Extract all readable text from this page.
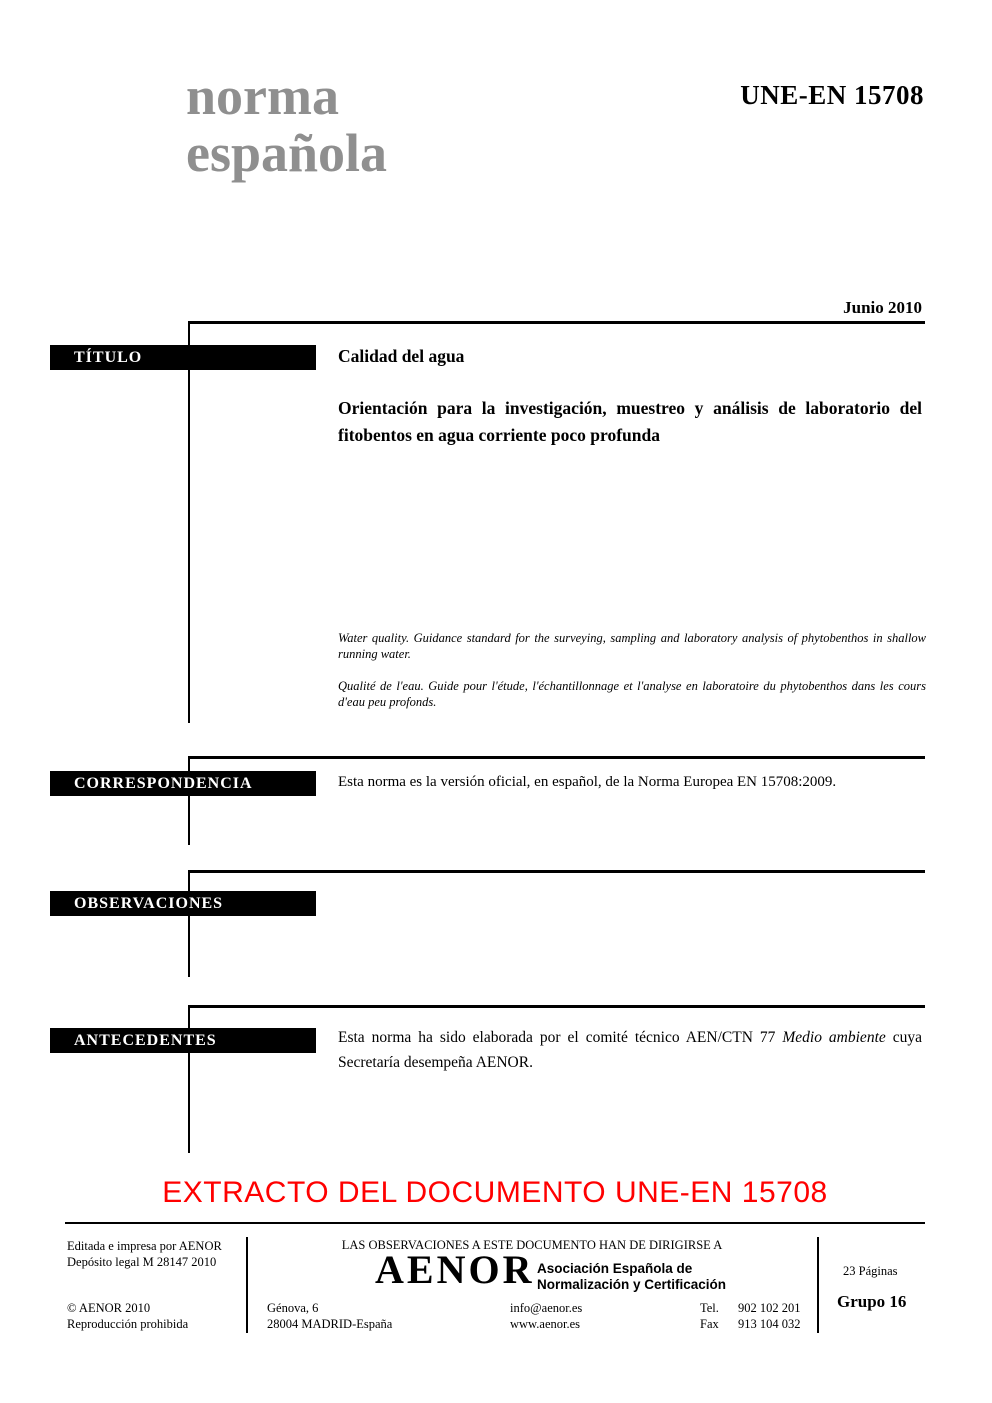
norma
española
UNE-EN 15708
Junio 2010
TÍTULO	Calidad del agua
Orientación para la investigación, muestreo y análisis de laboratorio del fitobentos en agua corriente poco profunda
Water quality. Guidance standard for the surveying, sampling and laboratory analysis of phytobenthos in shallow running water.
Qualité de l'eau. Guide pour l'étude, l'échantillonnage et l'analyse en laboratoire du phytobenthos dans les cours d'eau peu profonds.
CORRESPONDENCIA	Esta norma es la versión oficial, en español, de la Norma Europea EN 15708:2009.
OBSERVACIONES
ANTECEDENTES	Esta norma ha sido elaborada por el comité técnico AEN/CTN 77 Medio ambiente cuya Secretaría desempeña AENOR.
EXTRACTO DEL DOCUMENTO UNE-EN 15708
Editada e impresa por AENOR
Depósito legal M 28147 2010
© AENOR 2010
Reproducción prohibida
LAS OBSERVACIONES A ESTE DOCUMENTO HAN DE DIRIGIRSE A
AENOR Asociación Española de
Normalización y Certificación
Génova, 6
28004 MADRID-España
info@aenor.es
www.aenor.es
Tel.	902 102 201
Fax	913 104 032
23 Páginas
Grupo 16
